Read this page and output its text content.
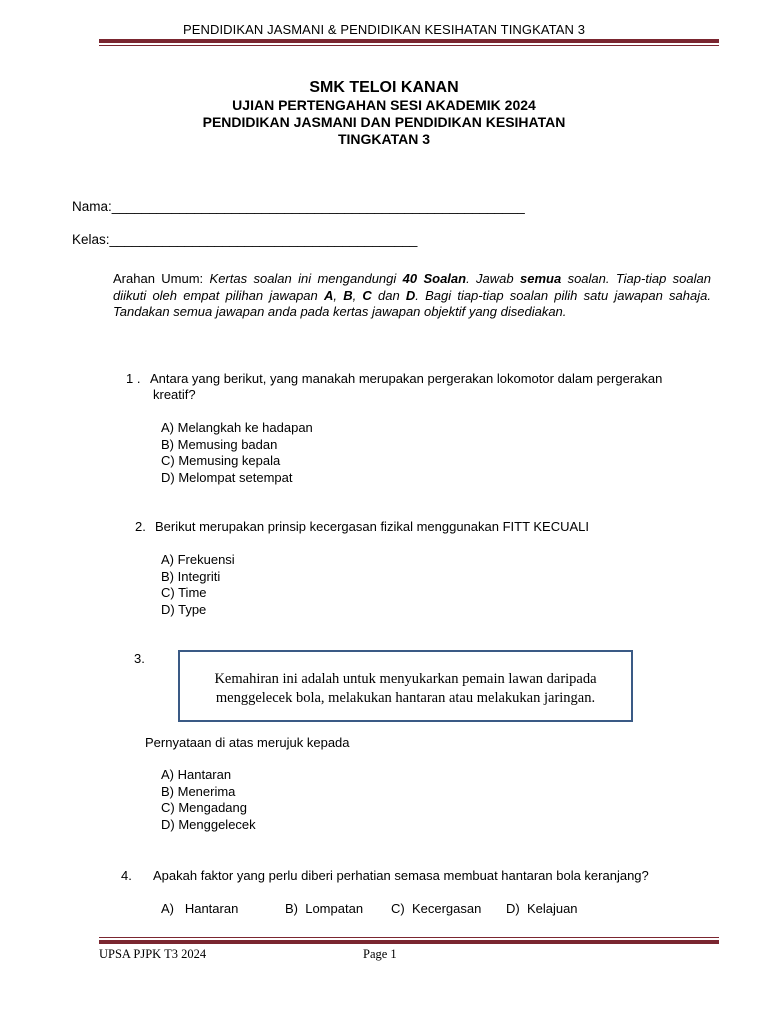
PENDIDIKAN JASMANI & PENDIDIKAN KESIHATAN TINGKATAN 3
SMK TELOI KANAN
UJIAN PERTENGAHAN SESI AKADEMIK 2024
PENDIDIKAN JASMANI DAN PENDIDIKAN KESIHATAN
TINGKATAN 3
Nama:_______________________________________________________
Kelas:_________________________________________
Arahan Umum: Kertas soalan ini mengandungi 40 Soalan. Jawab semua soalan. Tiap-tiap soalan diikuti oleh empat pilihan jawapan A, B, C dan D. Bagi tiap-tiap soalan pilih satu jawapan sahaja. Tandakan semua jawapan anda pada kertas jawapan objektif yang disediakan.
1 . Antara yang berikut, yang manakah merupakan pergerakan lokomotor dalam pergerakan
kreatif?
A) Melangkah ke hadapan
B) Memusing badan
C) Memusing kepala
D) Melompat setempat
2. Berikut merupakan prinsip kecergasan fizikal menggunakan FITT KECUALI
A) Frekuensi
B) Integriti
C) Time
D) Type
3.
Kemahiran ini adalah untuk menyukarkan pemain lawan daripada
menggelecek bola, melakukan hantaran atau melakukan jaringan.
Pernyataan di atas merujuk kepada
A) Hantaran
B) Menerima
C) Mengadang
D) Menggelecek
4. Apakah faktor yang perlu diberi perhatian semasa membuat hantaran bola keranjang?
A)   Hantaran	B)  Lompatan C)  Kecergasan D)  Kelajuan
UPSA PJPK T3 2024	Page 1
